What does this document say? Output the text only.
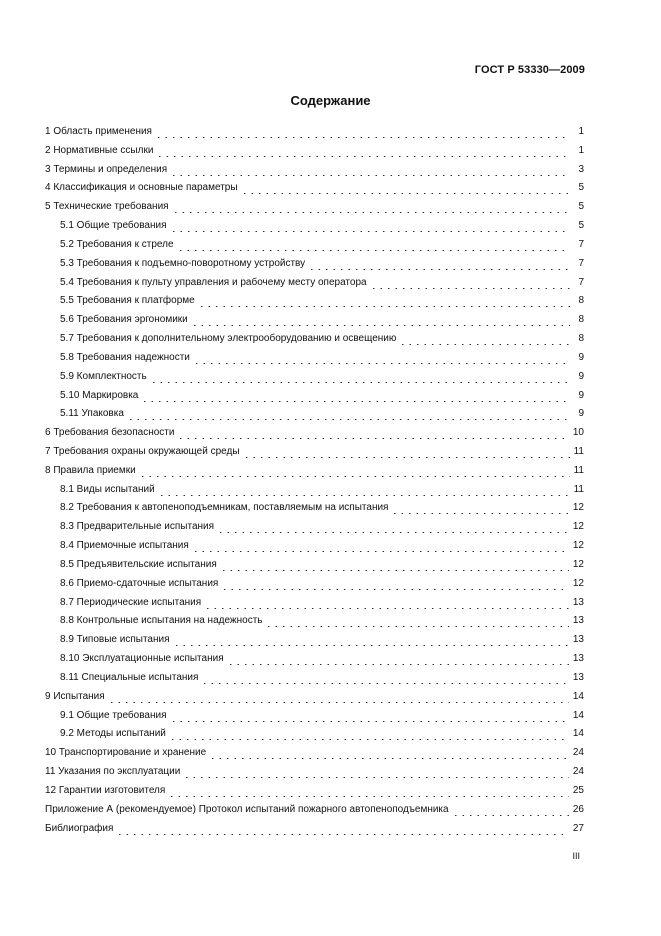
ГОСТ Р 53330—2009
Содержание
1 Область применения	1
2 Нормативные ссылки	1
3 Термины и определения	3
4 Классификация и основные параметры	5
5 Технические требования	5
5.1 Общие требования	5
5.2 Требования к стреле	7
5.3 Требования к подъемно-поворотному устройству	7
5.4 Требования к пульту управления и рабочему месту оператора	7
5.5 Требования к платформе	8
5.6 Требования эргономики	8
5.7 Требования к дополнительному электрооборудованию и освещению	8
5.8 Требования надежности	9
5.9 Комплектность	9
5.10 Маркировка	9
5.11 Упаковка	9
6 Требования безопасности	10
7 Требования охраны окружающей среды	11
8 Правила приемки	11
8.1 Виды испытаний	11
8.2 Требования к автопеноподъемникам, поставляемым на испытания	12
8.3 Предварительные испытания	12
8.4 Приемочные испытания	12
8.5 Предъявительские испытания	12
8.6 Приемо-сдаточные испытания	12
8.7 Периодические испытания	13
8.8 Контрольные испытания на надежность	13
8.9 Типовые испытания	13
8.10 Эксплуатационные испытания	13
8.11 Специальные испытания	13
9 Испытания	14
9.1 Общие требования	14
9.2 Методы испытаний	14
10 Транспортирование и хранение	24
11 Указания по эксплуатации	24
12 Гарантии изготовителя	25
Приложение А (рекомендуемое) Протокол испытаний пожарного автопеноподъемника	26
Библиография	27
III
